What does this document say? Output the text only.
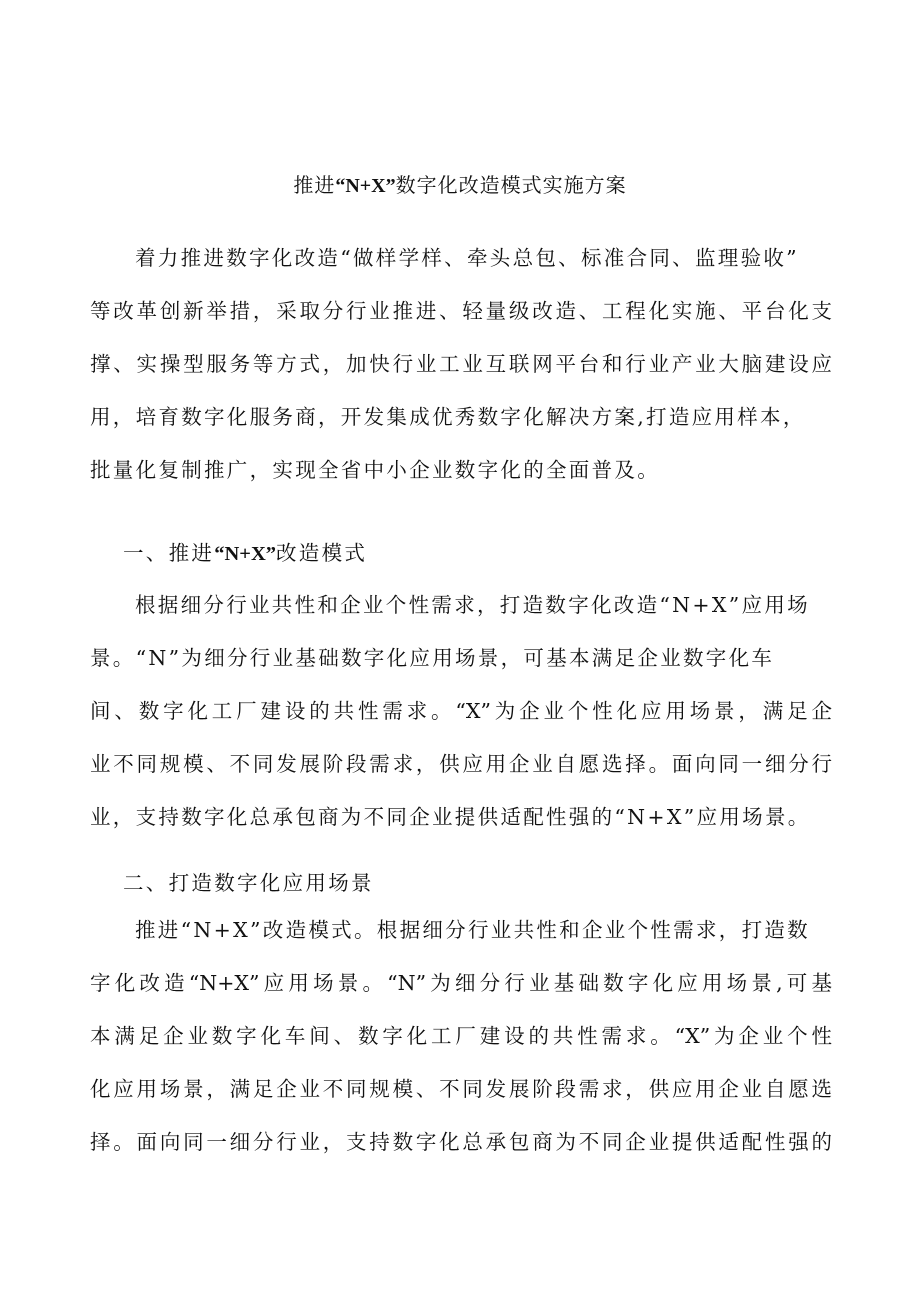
推进“N+X”数字化改造模式实施方案
着力推进数字化改造“做样学样、牵头总包、标准合同、监理验收”
等改革创新举措，采取分行业推进、轻量级改造、工程化实施、平台化支
撑、实操型服务等方式，加快行业工业互联网平台和行业产业大脑建设应
用，培育数字化服务商，开发集成优秀数字化解决方案,打造应用样本，
批量化复制推广，实现全省中小企业数字化的全面普及。
一、推进“N+X”改造模式
根据细分行业共性和企业个性需求，打造数字化改造“N+X”应用场
景。“N”为细分行业基础数字化应用场景，可基本满足企业数字化车
间、数字化工厂建设的共性需求。“X”为企业个性化应用场景，满足企
业不同规模、不同发展阶段需求，供应用企业自愿选择。面向同一细分行
业，支持数字化总承包商为不同企业提供适配性强的“N+X”应用场景。
二、打造数字化应用场景
推进“N+X”改造模式。根据细分行业共性和企业个性需求，打造数
字化改造“N+X”应用场景。“N”为细分行业基础数字化应用场景,可基
本满足企业数字化车间、数字化工厂建设的共性需求。“X”为企业个性
化应用场景，满足企业不同规模、不同发展阶段需求，供应用企业自愿选
择。面向同一细分行业，支持数字化总承包商为不同企业提供适配性强的
